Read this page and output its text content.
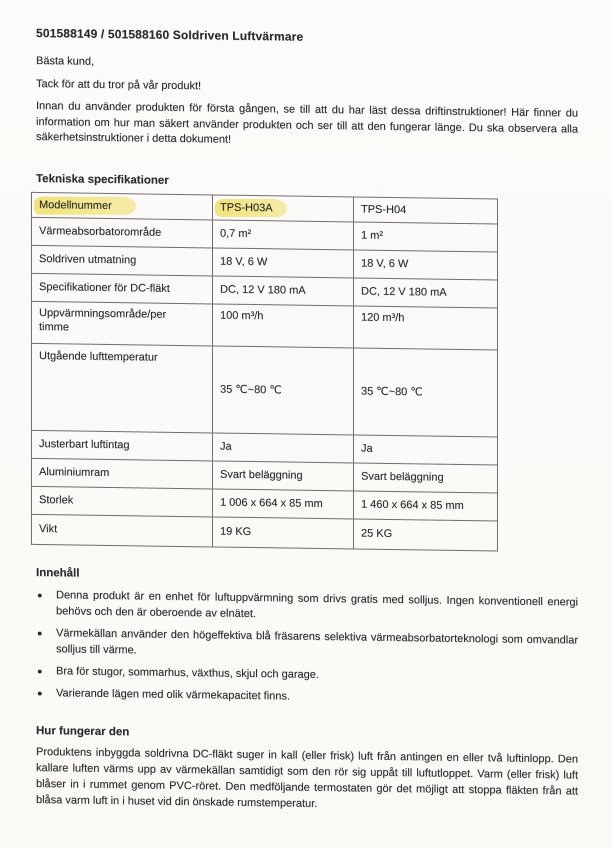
501588149 / 501588160 Soldriven Luftvärmare

Bästa kund,

Tack för att du tror på vår produkt!

Innan du använder produkten för första gången, se till att du har läst dessa driftinstruktioner! Här finner du information om hur man säkert använder produkten och ser till att den fungerar länge. Du ska observera alla säkerhetsinstruktioner i detta dokument!

Tekniska specifikationer
Modellnummer	TPS-H03A	TPS-H04
Värmeabsorbatorområde	0,7 m²	1 m²
Soldriven utmatning	18 V, 6 W	18 V, 6 W
Specifikationer för DC-fläkt	DC, 12 V 180 mA	DC, 12 V 180 mA
Uppvärmningsområde/per timme	100 m³/h	120 m³/h
Utgående lufttemperatur	35 ℃~80 ℃	35 ℃~80 ℃
Justerbart luftintag	Ja	Ja
Aluminiumram	Svart beläggning	Svart beläggning
Storlek	1 006 x 664 x 85 mm	1 460 x 664 x 85 mm
Vikt	19 KG	25 KG
Innehåll
●	Denna produkt är en enhet för luftuppvärmning som drivs gratis med solljus. Ingen konventionell energi behövs och den är oberoende av elnätet.

●	Värmekällan använder den högeffektiva blå fräsarens selektiva värmeabsorbatorteknologi som omvandlar solljus till värme.

●	Bra för stugor, sommarhus, växthus, skjul och garage.

●	Varierande lägen med olik värmekapacitet finns.

Hur fungerar den

Produktens inbyggda soldrivna DC-fläkt suger in kall (eller frisk) luft från antingen en eller två luftinlopp. Den kallare luften värms upp av värmekällan samtidigt som den rör sig uppåt till luftutloppet. Varm (eller frisk) luft blåser in i rummet genom PVC-röret. Den medföljande termostaten gör det möjligt att stoppa fläkten från att blåsa varm luft in i huset vid din önskade rumstemperatur.
